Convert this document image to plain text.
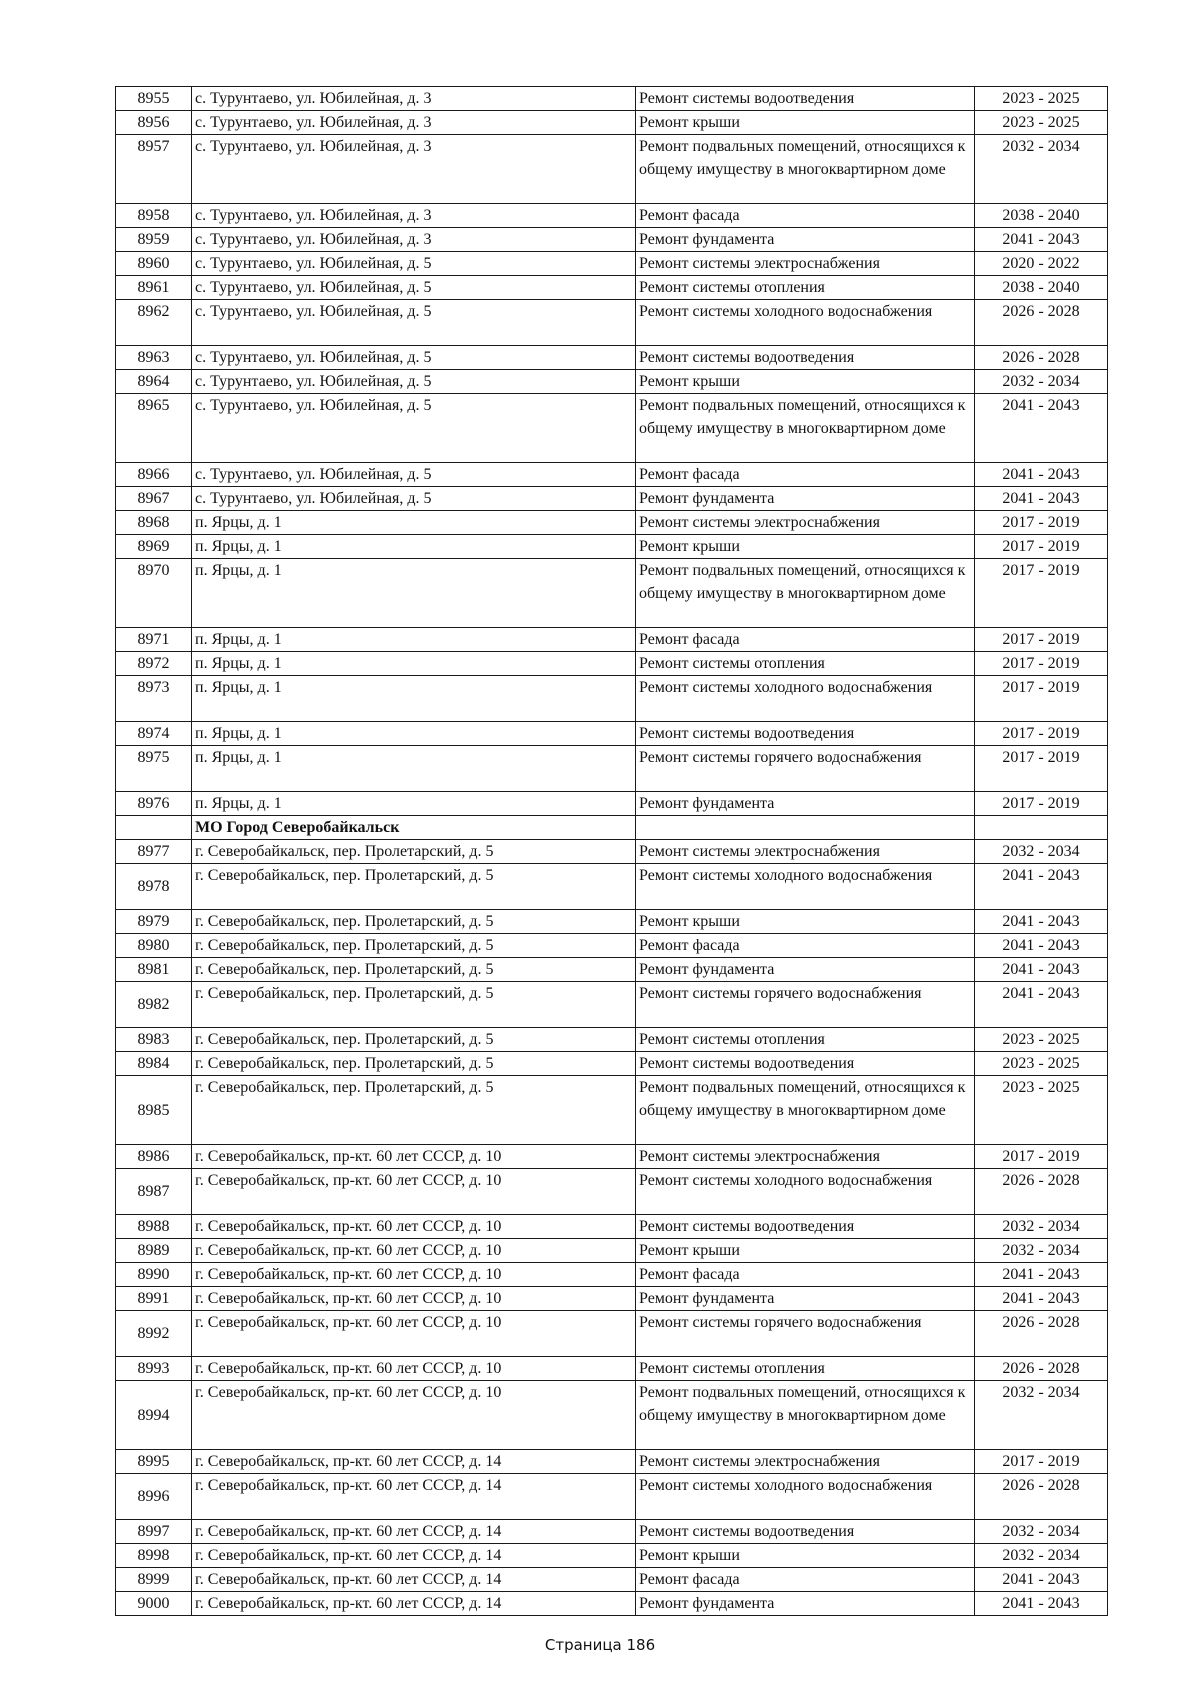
8955	с. Турунтаево, ул. Юбилейная, д. 3	Ремонт системы водоотведения	2023 - 2025
8956	с. Турунтаево, ул. Юбилейная, д. 3	Ремонт крыши	2023 - 2025
8957	с. Турунтаево, ул. Юбилейная, д. 3	Ремонт подвальных помещений, относящихся к общему имуществу в многоквартирном доме	2032 - 2034
8958	с. Турунтаево, ул. Юбилейная, д. 3	Ремонт фасада	2038 - 2040
8959	с. Турунтаево, ул. Юбилейная, д. 3	Ремонт фундамента	2041 - 2043
8960	с. Турунтаево, ул. Юбилейная, д. 5	Ремонт системы электроснабжения	2020 - 2022
8961	с. Турунтаево, ул. Юбилейная, д. 5	Ремонт системы отопления	2038 - 2040
8962	с. Турунтаево, ул. Юбилейная, д. 5	Ремонт системы холодного водоснабжения	2026 - 2028
8963	с. Турунтаево, ул. Юбилейная, д. 5	Ремонт системы водоотведения	2026 - 2028
8964	с. Турунтаево, ул. Юбилейная, д. 5	Ремонт крыши	2032 - 2034
8965	с. Турунтаево, ул. Юбилейная, д. 5	Ремонт подвальных помещений, относящихся к общему имуществу в многоквартирном доме	2041 - 2043
8966	с. Турунтаево, ул. Юбилейная, д. 5	Ремонт фасада	2041 - 2043
8967	с. Турунтаево, ул. Юбилейная, д. 5	Ремонт фундамента	2041 - 2043
8968	п. Ярцы, д. 1	Ремонт системы электроснабжения	2017 - 2019
8969	п. Ярцы, д. 1	Ремонт крыши	2017 - 2019
8970	п. Ярцы, д. 1	Ремонт подвальных помещений, относящихся к общему имуществу в многоквартирном доме	2017 - 2019
8971	п. Ярцы, д. 1	Ремонт фасада	2017 - 2019
8972	п. Ярцы, д. 1	Ремонт системы отопления	2017 - 2019
8973	п. Ярцы, д. 1	Ремонт системы холодного водоснабжения	2017 - 2019
8974	п. Ярцы, д. 1	Ремонт системы водоотведения	2017 - 2019
8975	п. Ярцы, д. 1	Ремонт системы горячего водоснабжения	2017 - 2019
8976	п. Ярцы, д. 1	Ремонт фундамента	2017 - 2019
	МО Город Северобайкальск		
8977	г. Северобайкальск, пер. Пролетарский, д. 5	Ремонт системы электроснабжения	2032 - 2034
8978	г. Северобайкальск, пер. Пролетарский, д. 5	Ремонт системы холодного водоснабжения	2041 - 2043
8979	г. Северобайкальск, пер. Пролетарский, д. 5	Ремонт крыши	2041 - 2043
8980	г. Северобайкальск, пер. Пролетарский, д. 5	Ремонт фасада	2041 - 2043
8981	г. Северобайкальск, пер. Пролетарский, д. 5	Ремонт фундамента	2041 - 2043
8982	г. Северобайкальск, пер. Пролетарский, д. 5	Ремонт системы горячего водоснабжения	2041 - 2043
8983	г. Северобайкальск, пер. Пролетарский, д. 5	Ремонт системы отопления	2023 - 2025
8984	г. Северобайкальск, пер. Пролетарский, д. 5	Ремонт системы водоотведения	2023 - 2025
8985	г. Северобайкальск, пер. Пролетарский, д. 5	Ремонт подвальных помещений, относящихся к общему имуществу в многоквартирном доме	2023 - 2025
8986	г. Северобайкальск, пр-кт. 60 лет СССР, д. 10	Ремонт системы электроснабжения	2017 - 2019
8987	г. Северобайкальск, пр-кт. 60 лет СССР, д. 10	Ремонт системы холодного водоснабжения	2026 - 2028
8988	г. Северобайкальск, пр-кт. 60 лет СССР, д. 10	Ремонт системы водоотведения	2032 - 2034
8989	г. Северобайкальск, пр-кт. 60 лет СССР, д. 10	Ремонт крыши	2032 - 2034
8990	г. Северобайкальск, пр-кт. 60 лет СССР, д. 10	Ремонт фасада	2041 - 2043
8991	г. Северобайкальск, пр-кт. 60 лет СССР, д. 10	Ремонт фундамента	2041 - 2043
8992	г. Северобайкальск, пр-кт. 60 лет СССР, д. 10	Ремонт системы горячего водоснабжения	2026 - 2028
8993	г. Северобайкальск, пр-кт. 60 лет СССР, д. 10	Ремонт системы отопления	2026 - 2028
8994	г. Северобайкальск, пр-кт. 60 лет СССР, д. 10	Ремонт подвальных помещений, относящихся к общему имуществу в многоквартирном доме	2032 - 2034
8995	г. Северобайкальск, пр-кт. 60 лет СССР, д. 14	Ремонт системы электроснабжения	2017 - 2019
8996	г. Северобайкальск, пр-кт. 60 лет СССР, д. 14	Ремонт системы холодного водоснабжения	2026 - 2028
8997	г. Северобайкальск, пр-кт. 60 лет СССР, д. 14	Ремонт системы водоотведения	2032 - 2034
8998	г. Северобайкальск, пр-кт. 60 лет СССР, д. 14	Ремонт крыши	2032 - 2034
8999	г. Северобайкальск, пр-кт. 60 лет СССР, д. 14	Ремонт фасада	2041 - 2043
9000	г. Северобайкальск, пр-кт. 60 лет СССР, д. 14	Ремонт фундамента	2041 - 2043
Страница 186
